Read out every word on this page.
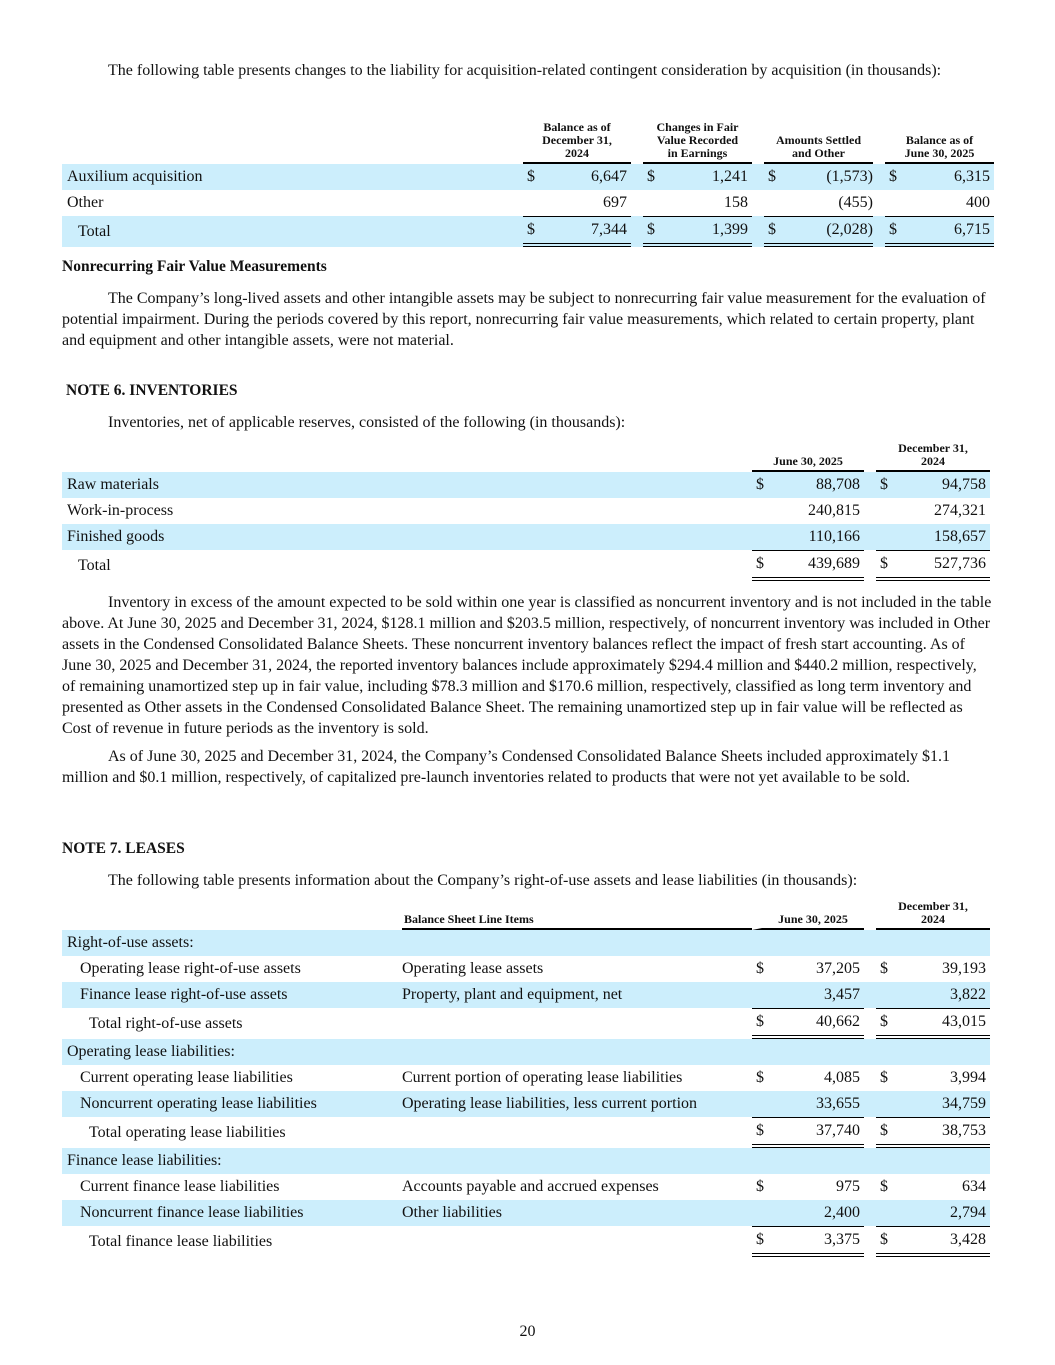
The following table presents changes to the liability for acquisition-related contingent consideration by acquisition (in thousands):

	Balance as of
December 31,
2024			Changes in Fair
Value Recorded
in Earnings			Amounts Settled
and Other			Balance as of
June 30, 2025	
Auxilium acquisition	$	6,647		$	1,241		$	(1,573)		$	6,315
Other		697			158			(455)			400
Total	$	7,344		$	1,399		$	(2,028)		$	6,715

Nonrecurring Fair Value Measurements

The Company’s long-lived assets and other intangible assets may be subject to nonrecurring fair value measurement for the evaluation of potential impairment. During the periods covered by this report, nonrecurring fair value measurements, which related to certain property, plant and equipment and other intangible assets, were not material.

NOTE 6. INVENTORIES

Inventories, net of applicable reserves, consisted of the following (in thousands):

	June 30, 2025			December 31,
2024	
Raw materials	$	88,708		$	94,758
Work-in-process		240,815			274,321
Finished goods		110,166			158,657
Total	$	439,689		$	527,736

Inventory in excess of the amount expected to be sold within one year is classified as noncurrent inventory and is not included in the table above. At June 30, 2025 and December 31, 2024, $128.1 million and $203.5 million, respectively, of noncurrent inventory was included in Other assets in the Condensed Consolidated Balance Sheets. These noncurrent inventory balances reflect the impact of fresh start accounting. As of June 30, 2025 and December 31, 2024, the reported inventory balances include approximately $294.4 million and $440.2 million, respectively, of remaining unamortized step up in fair value, including $78.3 million and $170.6 million, respectively, classified as long term inventory and presented as Other assets in the Condensed Consolidated Balance Sheet. The remaining unamortized step up in fair value will be reflected as Cost of revenue in future periods as the inventory is sold.

As of June 30, 2025 and December 31, 2024, the Company’s Condensed Consolidated Balance Sheets included approximately $1.1 million and $0.1 million, respectively, of capitalized pre-launch inventories related to products that were not yet available to be sold.

NOTE 7. LEASES

The following table presents information about the Company’s right-of-use assets and lease liabilities (in thousands):

	Balance Sheet Line Items	June 30, 2025			December 31,
2024	
Right-of-use assets:						
Operating lease right-of-use assets	Operating lease assets	$	37,205		$	39,193
Finance lease right-of-use assets	Property, plant and equipment, net		3,457			3,822
Total right-of-use assets		$	40,662		$	43,015
Operating lease liabilities:						
Current operating lease liabilities	Current portion of operating lease liabilities	$	4,085		$	3,994
Noncurrent operating lease liabilities	Operating lease liabilities, less current portion		33,655			34,759
Total operating lease liabilities		$	37,740		$	38,753
Finance lease liabilities:						
Current finance lease liabilities	Accounts payable and accrued expenses	$	975		$	634
Noncurrent finance lease liabilities	Other liabilities		2,400			2,794
Total finance lease liabilities		$	3,375		$	3,428
20
